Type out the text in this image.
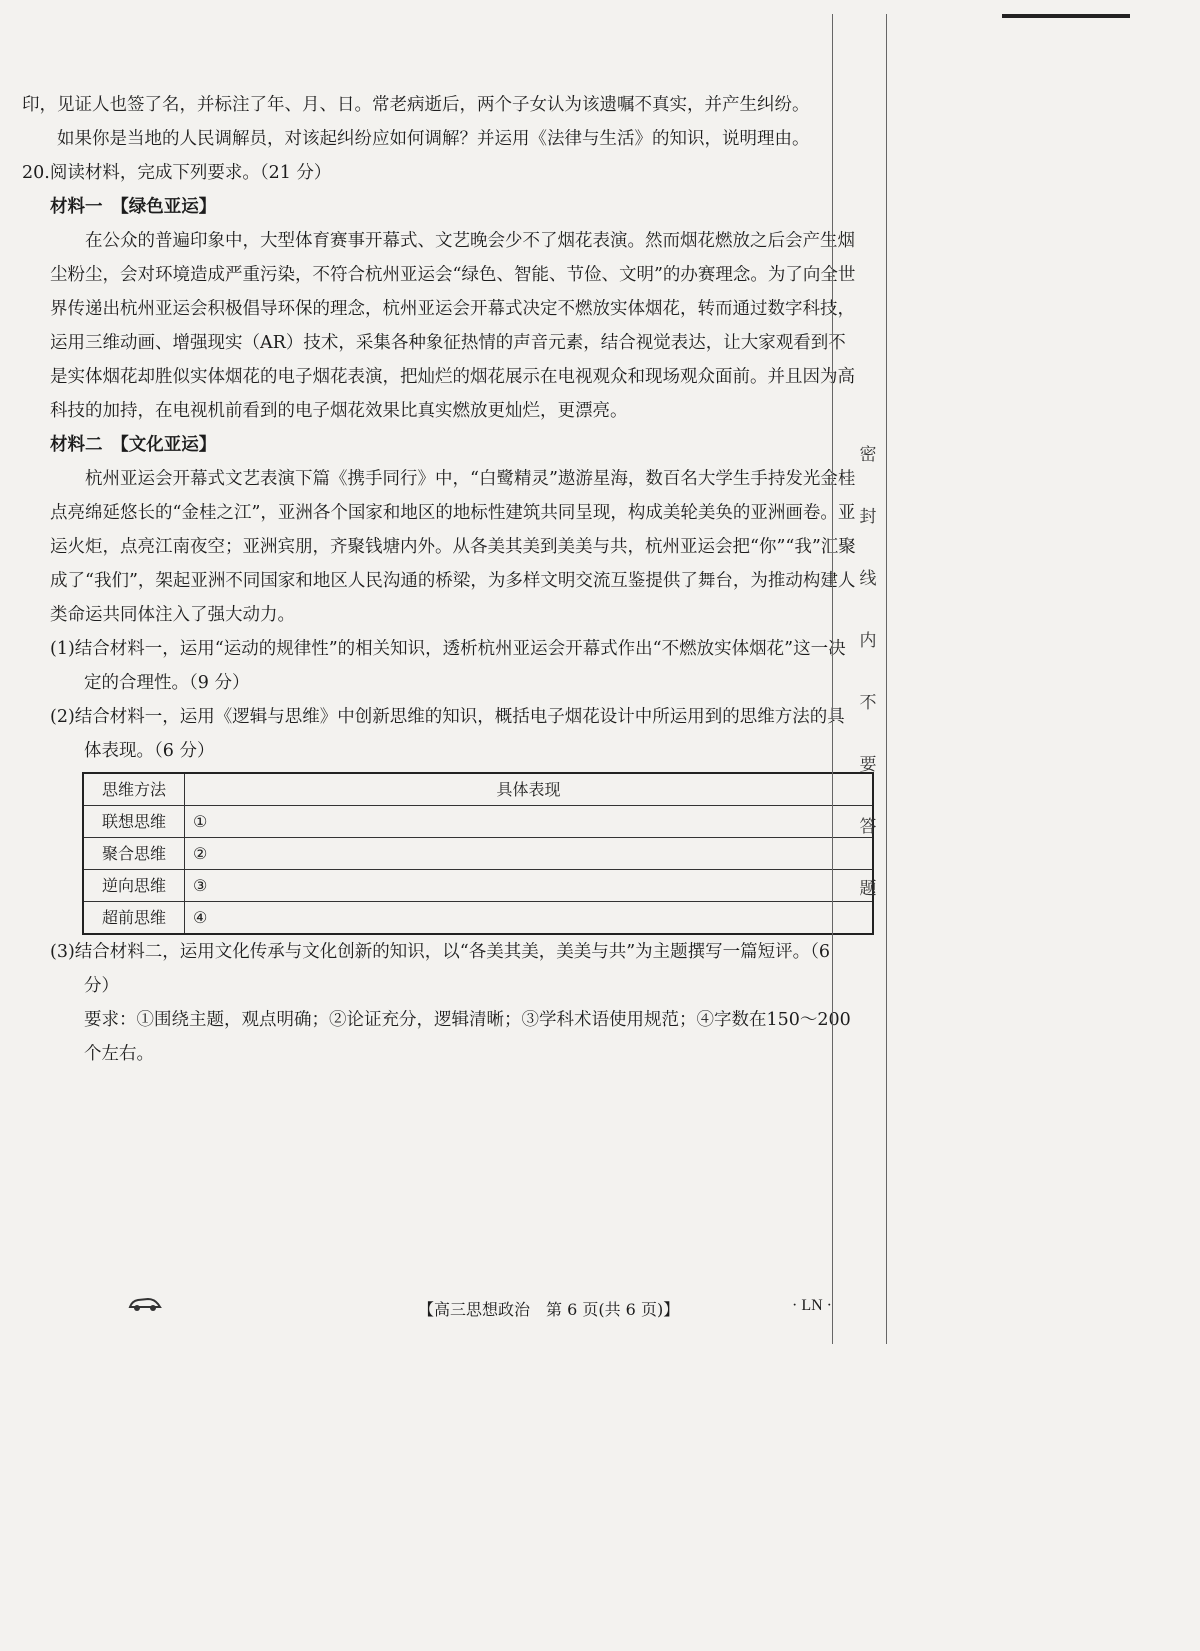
印，见证人也签了名，并标注了年、月、日。常老病逝后，两个子女认为该遗嘱不真实，并产生纠纷。

如果你是当地的人民调解员，对该起纠纷应如何调解？并运用《法律与生活》的知识，说明理由。

20.阅读材料，完成下列要求。（21 分）

材料一　【绿色亚运】

在公众的普遍印象中，大型体育赛事开幕式、文艺晚会少不了烟花表演。然而烟花燃放之后会产生烟尘粉尘，会对环境造成严重污染，不符合杭州亚运会“绿色、智能、节俭、文明”的办赛理念。为了向全世界传递出杭州亚运会积极倡导环保的理念，杭州亚运会开幕式决定不燃放实体烟花，转而通过数字科技，运用三维动画、增强现实（AR）技术，采集各种象征热情的声音元素，结合视觉表达，让大家观看到不是实体烟花却胜似实体烟花的电子烟花表演，把灿烂的烟花展示在电视观众和现场观众面前。并且因为高科技的加持，在电视机前看到的电子烟花效果比真实燃放更灿烂，更漂亮。

材料二　【文化亚运】

杭州亚运会开幕式文艺表演下篇《携手同行》中，“白鹭精灵”遨游星海，数百名大学生手持发光金桂点亮绵延悠长的“金桂之江”，亚洲各个国家和地区的地标性建筑共同呈现，构成美轮美奂的亚洲画卷。亚运火炬，点亮江南夜空；亚洲宾朋，齐聚钱塘内外。从各美其美到美美与共，杭州亚运会把“你”“我”汇聚成了“我们”，架起亚洲不同国家和地区人民沟通的桥梁，为多样文明交流互鉴提供了舞台，为推动构建人类命运共同体注入了强大动力。

(1)结合材料一，运用“运动的规律性”的相关知识，透析杭州亚运会开幕式作出“不燃放实体烟花”这一决定的合理性。（9 分）

(2)结合材料一，运用《逻辑与思维》中创新思维的知识，概括电子烟花设计中所运用到的思维方法的具体表现。（6 分）

思维方法	具体表现
联想思维	①
聚合思维	②
逆向思维	③
超前思维	④

(3)结合材料二，运用文化传承与文化创新的知识，以“各美其美，美美与共”为主题撰写一篇短评。（6 分）

要求：①围绕主题，观点明确；②论证充分，逻辑清晰；③学科术语使用规范；④字数在150～200 个左右。

【高三思想政治　第 6 页(共 6 页)】	· LN ·
密
封
线
内
不
要
答
题
